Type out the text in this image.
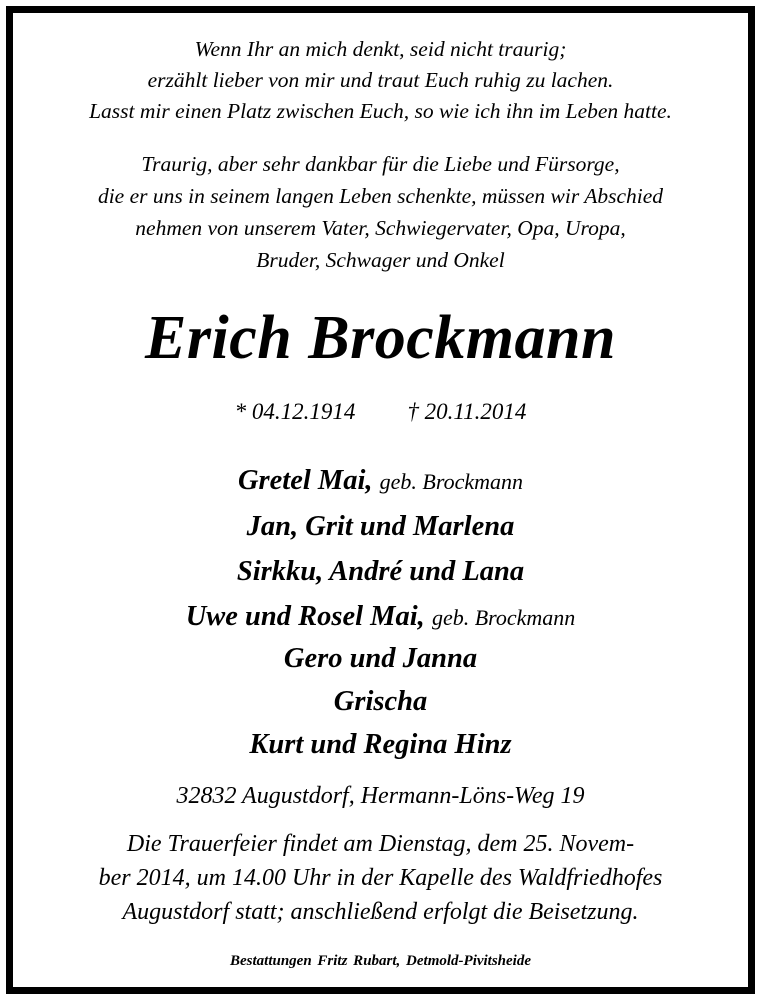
Wenn Ihr an mich denkt, seid nicht traurig;

erzählt lieber von mir und traut Euch ruhig zu lachen.

Lasst mir einen Platz zwischen Euch, so wie ich ihn im Leben hatte.

Traurig, aber sehr dankbar für die Liebe und Fürsorge,

die er uns in seinem langen Leben schenkte, müssen wir Abschied

nehmen von unserem Vater, Schwiegervater, Opa, Uropa,

Bruder, Schwager und Onkel

Erich Brockmann

* 04.12.1914 † 20.11.2014

Gretel Mai, geb. Brockmann

Jan, Grit und Marlena

Sirkku, André und Lana

Uwe und Rosel Mai, geb. Brockmann

Gero und Janna

Grischa

Kurt und Regina Hinz

32832 Augustdorf, Hermann-Löns-Weg 19

Die Trauerfeier findet am Dienstag, dem 25. Novem-

ber 2014, um 14.00 Uhr in der Kapelle des Waldfriedhofes

Augustdorf statt; anschließend erfolgt die Beisetzung.

Bestattungen Fritz Rubart, Detmold-Pivitsheide
